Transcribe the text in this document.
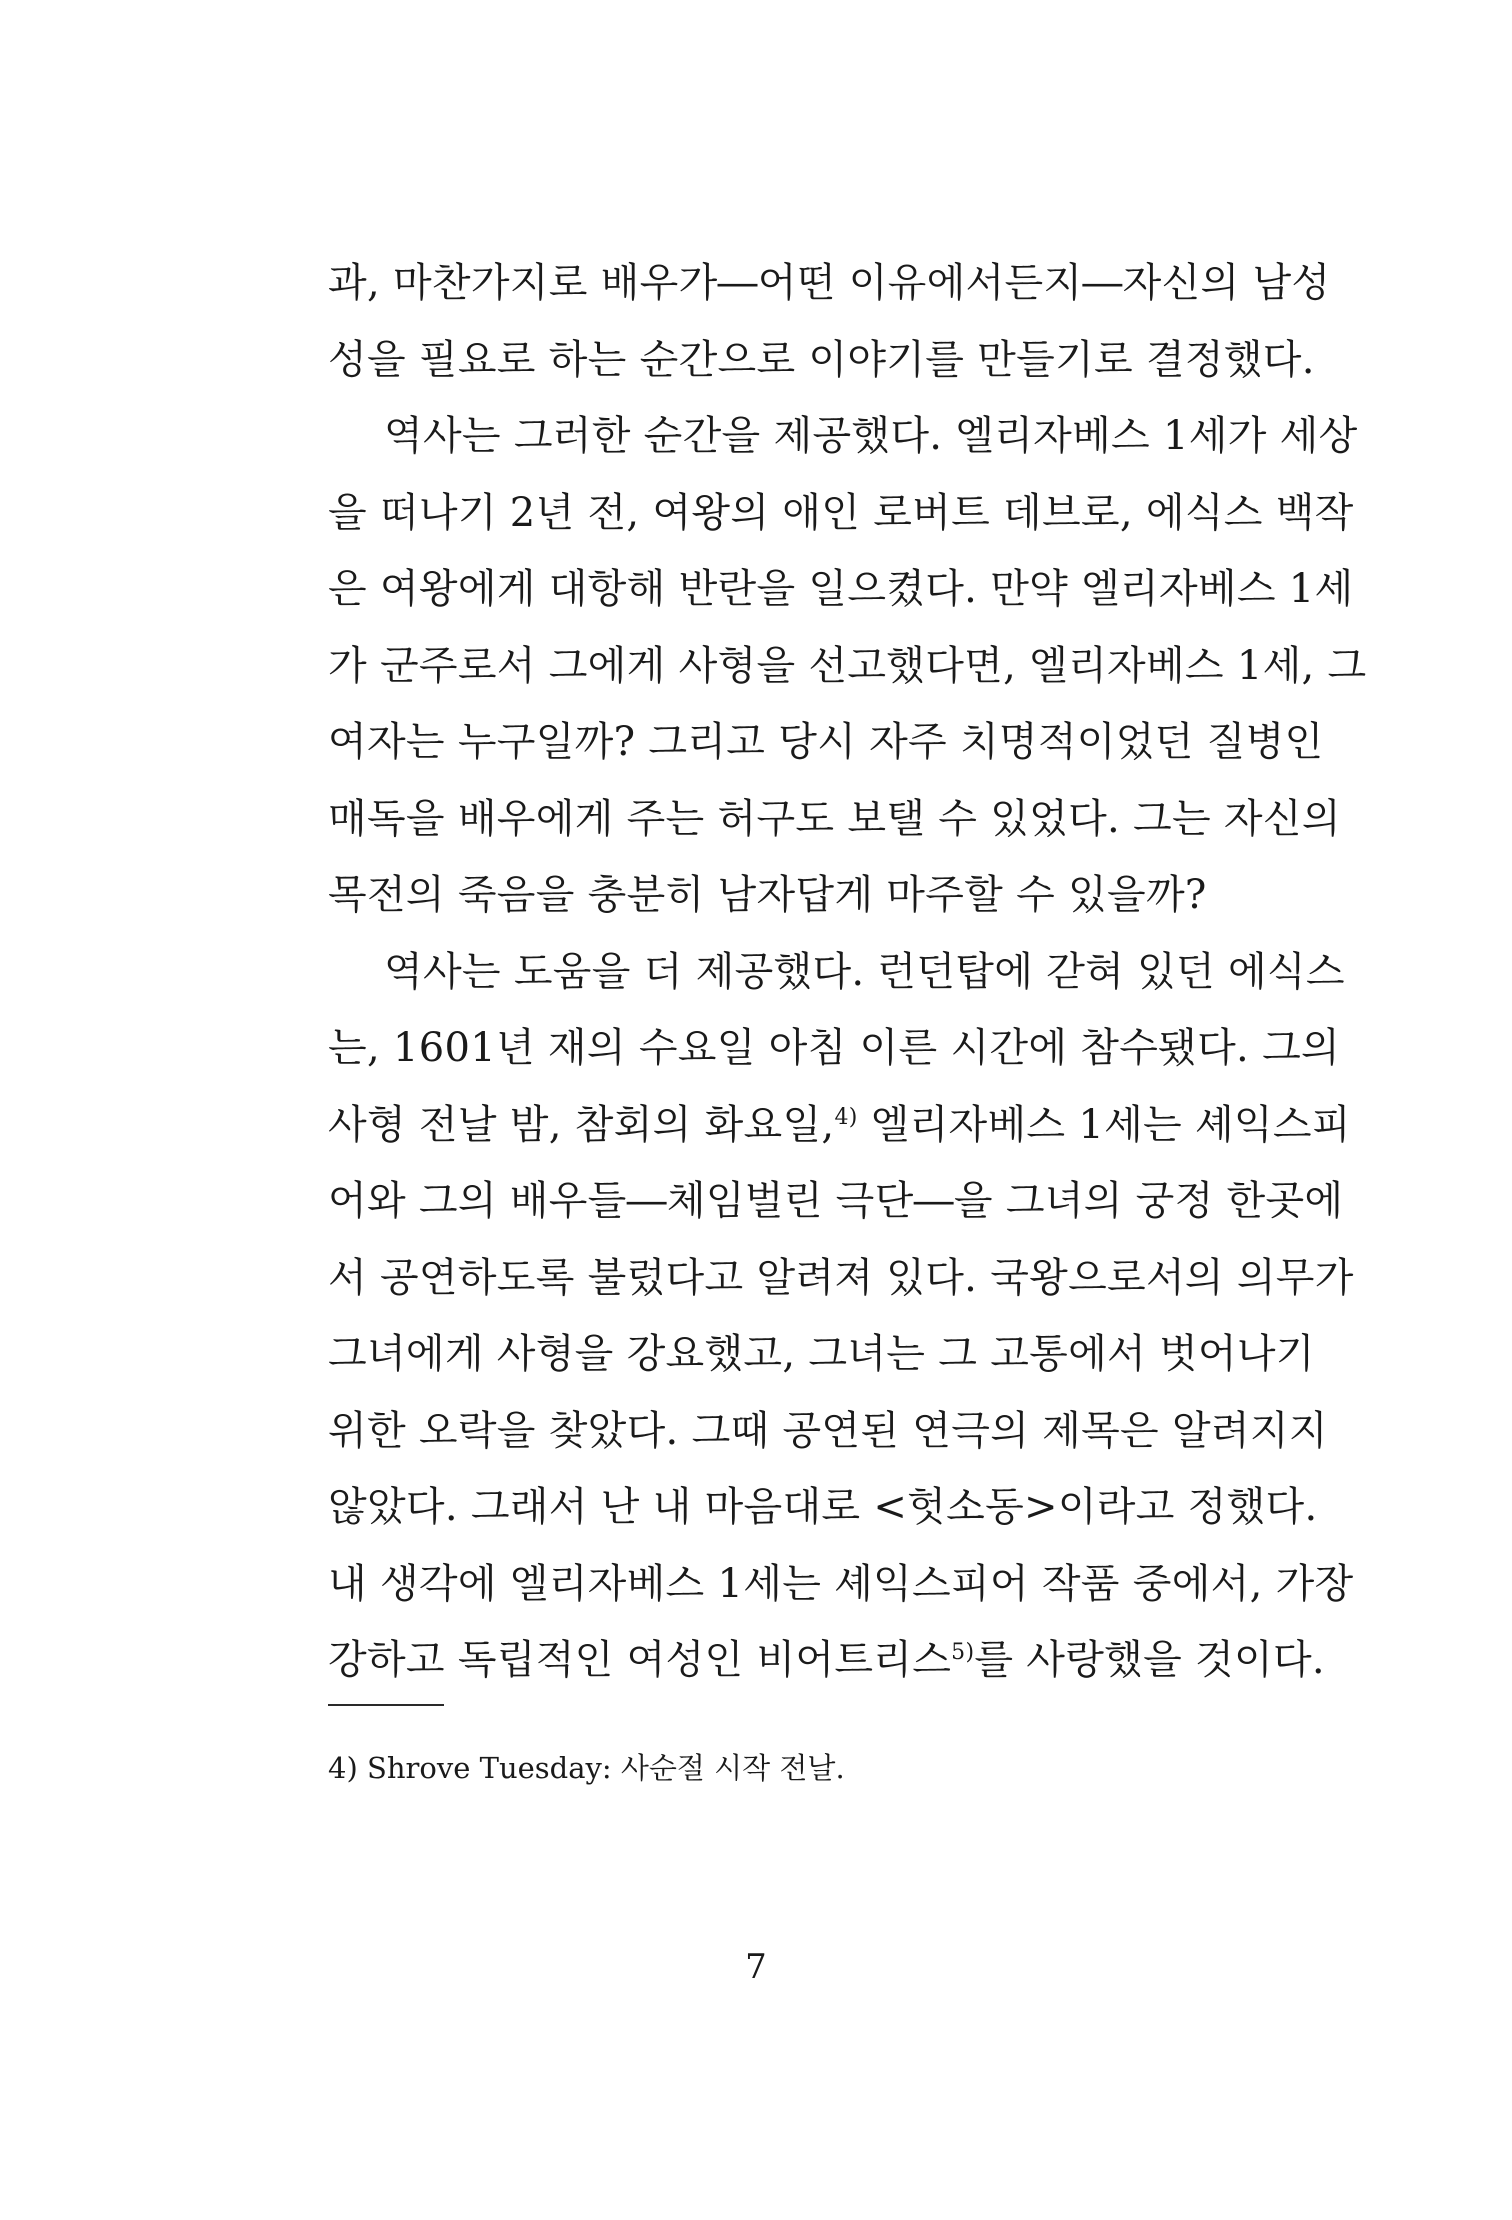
과, 마찬가지로 배우가―어떤 이유에서든지―자신의 남성
성을 필요로 하는 순간으로 이야기를 만들기로 결정했다.
역사는 그러한 순간을 제공했다. 엘리자베스 1세가 세상
을 떠나기 2년 전, 여왕의 애인 로버트 데브로, 에식스 백작
은 여왕에게 대항해 반란을 일으켰다. 만약 엘리자베스 1세
가 군주로서 그에게 사형을 선고했다면, 엘리자베스 1세, 그
여자는 누구일까? 그리고 당시 자주 치명적이었던 질병인
매독을 배우에게 주는 허구도 보탤 수 있었다. 그는 자신의
목전의 죽음을 충분히 남자답게 마주할 수 있을까?
역사는 도움을 더 제공했다. 런던탑에 갇혀 있던 에식스
는, 1601년 재의 수요일 아침 이른 시간에 참수됐다. 그의
사형 전날 밤, 참회의 화요일,$^{4)}$ 엘리자베스 1세는 셰익스피
어와 그의 배우들―체임벌린 극단―을 그녀의 궁정 한곳에
서 공연하도록 불렀다고 알려져 있다. 국왕으로서의 의무가
그녀에게 사형을 강요했고, 그녀는 그 고통에서 벗어나기
위한 오락을 찾았다. 그때 공연된 연극의 제목은 알려지지
않았다. 그래서 난 내 마음대로 <헛소동>이라고 정했다.
내 생각에 엘리자베스 1세는 셰익스피어 작품 중에서, 가장
강하고 독립적인 여성인 비어트리스$^{5)}$를 사랑했을 것이다.
4) Shrove Tuesday: 사순절 시작 전날.
7
